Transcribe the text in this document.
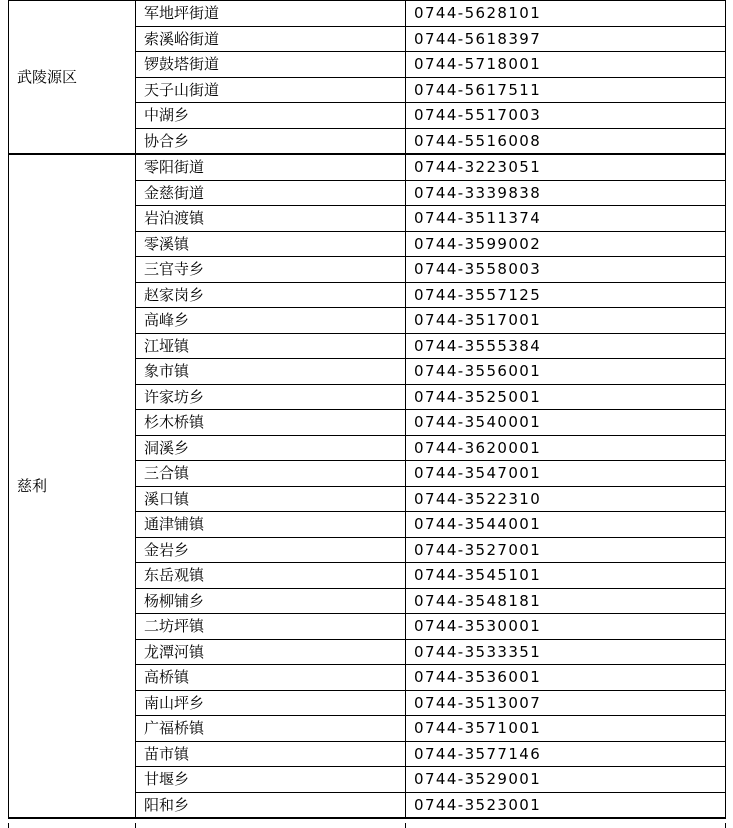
武陵源区	军地坪街道	0744-5628101
	索溪峪街道	0744-5618397
	锣鼓塔街道	0744-5718001
	天子山街道	0744-5617511
	中湖乡	0744-5517003
	协合乡	0744-5516008
慈利	零阳街道	0744-3223051
	金慈街道	0744-3339838
	岩泊渡镇	0744-3511374
	零溪镇	0744-3599002
	三官寺乡	0744-3558003
	赵家岗乡	0744-3557125
	高峰乡	0744-3517001
	江垭镇	0744-3555384
	象市镇	0744-3556001
	许家坊乡	0744-3525001
	杉木桥镇	0744-3540001
	洞溪乡	0744-3620001
	三合镇	0744-3547001
	溪口镇	0744-3522310
	通津铺镇	0744-3544001
	金岩乡	0744-3527001
	东岳观镇	0744-3545101
	杨柳铺乡	0744-3548181
	二坊坪镇	0744-3530001
	龙潭河镇	0744-3533351
	高桥镇	0744-3536001
	南山坪乡	0744-3513007
	广福桥镇	0744-3571001
	苗市镇	0744-3577146
	甘堰乡	0744-3529001
	阳和乡	0744-3523001
